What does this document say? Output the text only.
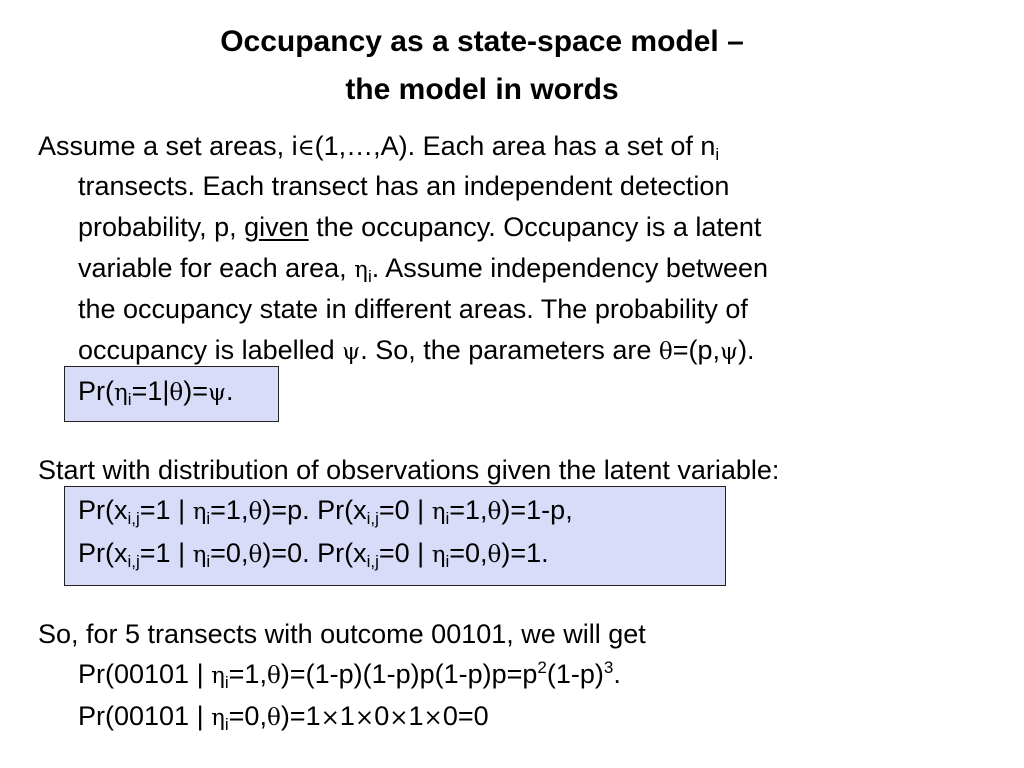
Occupancy as a state-space model –
the model in words
Assume a set areas, i∈(1,…,A). Each area has a set of $n_i$
transects. Each transect has an independent detection
probability, p, given the occupancy. Occupancy is a latent
variable for each area, $\eta_i$. Assume independency between
the occupancy state in different areas. The probability of
occupancy is labelled ψ. So, the parameters are θ=(p,ψ).
$Pr(\eta_i=1|\theta)=\psi$.
Start with distribution of observations given the latent variable:
$Pr(x_{i,j}=1$ | $\eta_i=1,\theta)=p$. $Pr(x_{i,j}=0$ | $\eta_i=1,\theta)=1-p$,
$Pr(x_{i,j}=1$ | $\eta_i=0,\theta)=0$. $Pr(x_{i,j}=0$ | $\eta_i=0,\theta)=1$.
So, for 5 transects with outcome 00101, we will get
Pr(00101 | $\eta_i=1,\theta)=(1-p)(1-p)p(1-p)p=p^2(1-p)^3$.
Pr(00101 | $\eta_i=0,\theta)=1\times 1\times 0\times 1\times 0=0$
